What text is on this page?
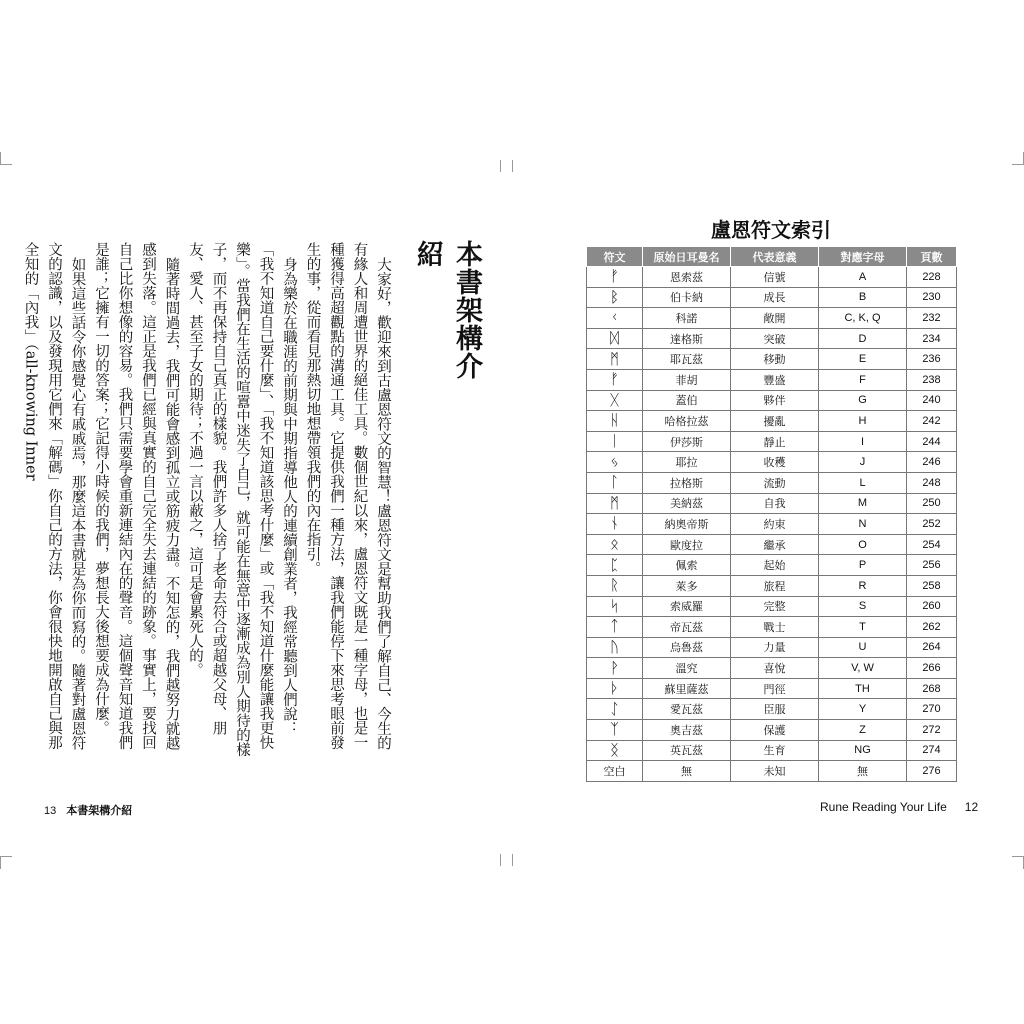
本書架構介紹

大家好，歡迎來到古盧恩符文的智慧！盧恩符文是幫助我們了解自己、今生的有緣人和周遭世界的絕佳工具。數個世紀以來，盧恩符文既是一種字母，也是一種獲得高超觀點的溝通工具。它提供我們一種方法，讓我們能停下來思考眼前發生的事，從而看見那熱切地想帶領我們的內在指引。

身為樂於在職涯的前期與中期指導他人的連續創業者，我經常聽到人們說：「我不知道自己要什麼」、「我不知道該思考什麼」或「我不知道什麼能讓我更快樂」。當我們在生活的喧囂中迷失了自己，就可能在無意中逐漸成為別人期待的樣子，而不再保持自己真正的樣貌。我們許多人捨了老命去符合或超越父母、朋友、愛人、甚至子女的期待；不過一言以蔽之，這可是會累死人的。

隨著時間過去，我們可能會感到孤立或筋疲力盡。不知怎的，我們越努力就越感到失落。這正是我們已經與真實的自己完全失去連結的跡象。事實上，要找回自己比你想像的容易。我們只需要學會重新連結內在的聲音。這個聲音知道我們是誰；它擁有一切的答案；它記得小時候的我們，夢想長大後想要成為什麼。

如果這些話令你感覺心有戚戚焉，那麼這本書就是為你而寫的。隨著對盧恩符文的認識，以及發現用它們來「解碼」你自己的方法，你會很快地開啟自己與那全知的「內我」（all-knowing Inner

13 本書架構介紹
盧恩符文索引
符文	原始日耳曼名	代表意義	對應字母	頁數
ᚠ	恩索茲	信號	A	228
ᛒ	伯卡納	成長	B	230
ᚲ	科諾	敞開	C, K, Q	232
ᛞ	達格斯	突破	D	234
ᛗ	耶瓦茲	移動	E	236
ᚠ	菲胡	豐盛	F	238
ᚷ	蓋伯	夥伴	G	240
ᚺ	哈格拉茲	擾亂	H	242
ᛁ	伊莎斯	靜止	I	244
ᛃ	耶拉	收穫	J	246
ᛚ	拉格斯	流動	L	248
ᛗ	美納茲	自我	M	250
ᚾ	納奧帝斯	約束	N	252
ᛟ	歐度拉	繼承	O	254
ᛈ	佩索	起始	P	256
ᚱ	萊多	旅程	R	258
ᛋ	索威羅	完整	S	260
ᛏ	帝瓦茲	戰士	T	262
ᚢ	烏魯茲	力量	U	264
ᚹ	溫究	喜悅	V, W	266
ᚦ	蘇里薩茲	門徑	TH	268
ᛇ	愛瓦茲	臣服	Y	270
ᛉ	奧吉茲	保護	Z	272
ᛝ	英瓦茲	生育	NG	274
空白	無	未知	無	276
Rune Reading Your Life 12
